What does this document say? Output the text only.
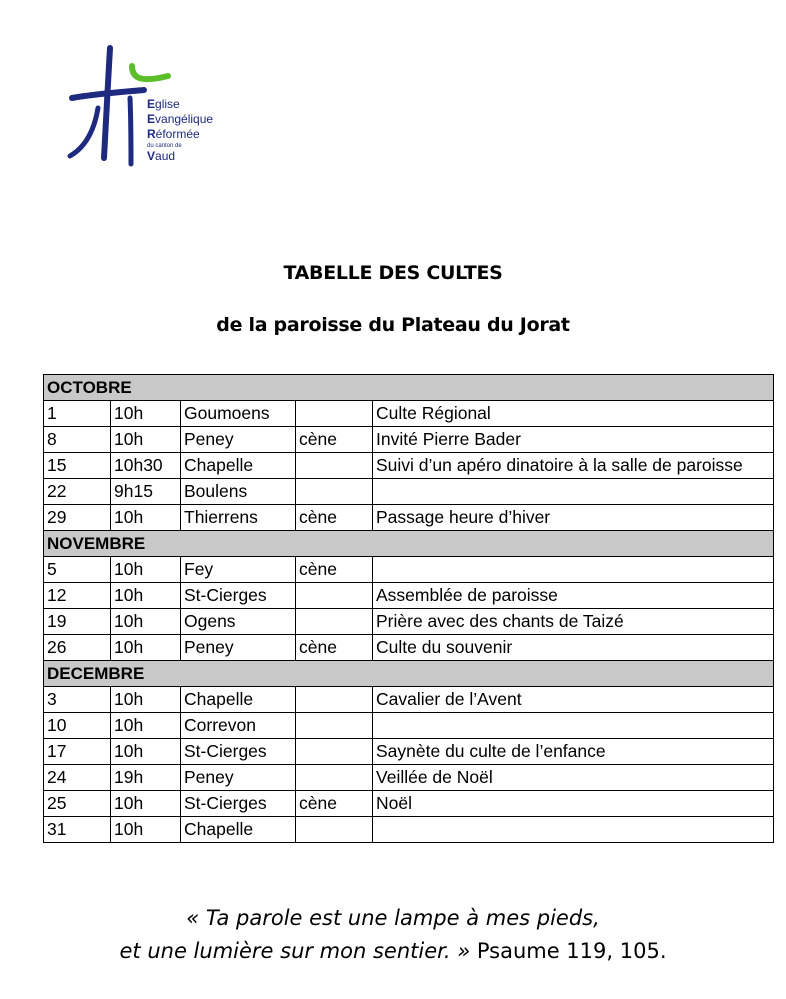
Eglise
Evangélique
Réformée
du canton de
Vaud
TABELLE DES CULTES
de la paroisse du Plateau du Jorat
OCTOBRE				
1	10h	Goumoens		Culte Régional
8	10h	Peney	cène	Invité Pierre Bader
15	10h30	Chapelle		Suivi d’un apéro dinatoire à la salle de paroisse
22	9h15	Boulens		
29	10h	Thierrens	cène	Passage heure d’hiver
NOVEMBRE				
5	10h	Fey	cène	
12	10h	St-Cierges		Assemblée de paroisse
19	10h	Ogens		Prière avec des chants de Taizé
26	10h	Peney	cène	Culte du souvenir
DECEMBRE				
3	10h	Chapelle		Cavalier de l’Avent
10	10h	Correvon		
17	10h	St-Cierges		Saynète du culte de l’enfance
24	19h	Peney		Veillée de Noël
25	10h	St-Cierges	cène	Noël
31	10h	Chapelle		
« Ta parole est une lampe à mes pieds,
et une lumière sur mon sentier. » Psaume 119, 105.
